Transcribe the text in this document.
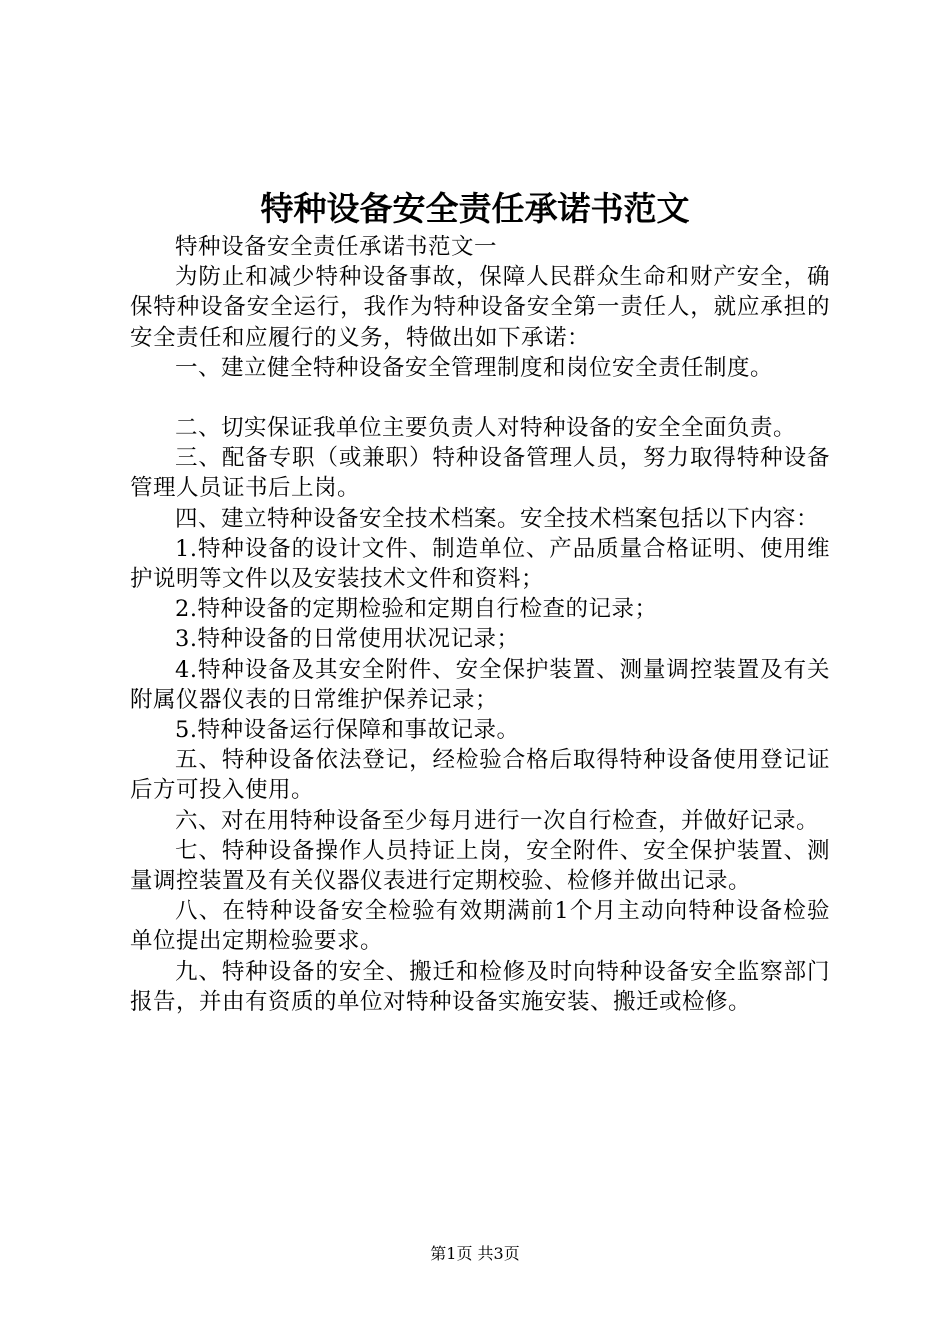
特种设备安全责任承诺书范文

特种设备安全责任承诺书范文一

为防止和减少特种设备事故，保障人民群众生命和财产安全，确保特种设备安全运行，我作为特种设备安全第一责任人，就应承担的安全责任和应履行的义务，特做出如下承诺：

一、建立健全特种设备安全管理制度和岗位安全责任制度。

二、切实保证我单位主要负责人对特种设备的安全全面负责。

三、配备专职（或兼职）特种设备管理人员，努力取得特种设备管理人员证书后上岗。

四、建立特种设备安全技术档案。安全技术档案包括以下内容：

1.特种设备的设计文件、制造单位、产品质量合格证明、使用维护说明等文件以及安装技术文件和资料；

2.特种设备的定期检验和定期自行检查的记录；

3.特种设备的日常使用状况记录；

4.特种设备及其安全附件、安全保护装置、测量调控装置及有关附属仪器仪表的日常维护保养记录；

5.特种设备运行保障和事故记录。

五、特种设备依法登记，经检验合格后取得特种设备使用登记证后方可投入使用。

六、对在用特种设备至少每月进行一次自行检查，并做好记录。

七、特种设备操作人员持证上岗，安全附件、安全保护装置、测量调控装置及有关仪器仪表进行定期校验、检修并做出记录。

八、在特种设备安全检验有效期满前1个月主动向特种设备检验单位提出定期检验要求。

九、特种设备的安全、搬迁和检修及时向特种设备安全监察部门报告，并由有资质的单位对特种设备实施安装、搬迁或检修。

第1页 共3页
